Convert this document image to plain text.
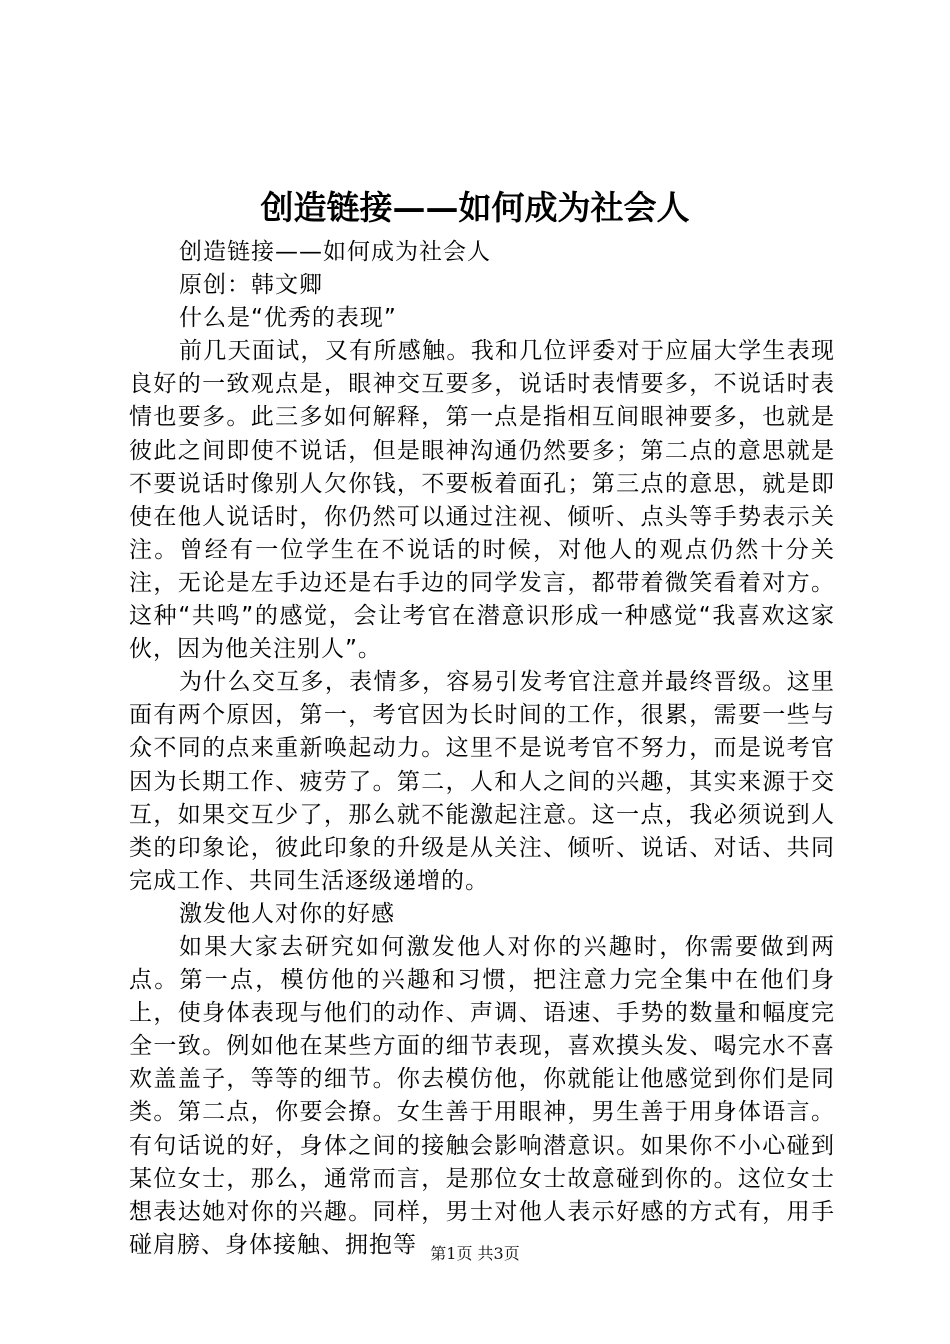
创造链接——如何成为社会人

创造链接——如何成为社会人

原创：韩文卿

什么是“优秀的表现”

前几天面试，又有所感触。我和几位评委对于应届大学生表现良好的一致观点是，眼神交互要多，说话时表情要多，不说话时表情也要多。此三多如何解释，第一点是指相互间眼神要多，也就是彼此之间即使不说话，但是眼神沟通仍然要多；第二点的意思就是不要说话时像别人欠你钱，不要板着面孔；第三点的意思，就是即使在他人说话时，你仍然可以通过注视、倾听、点头等手势表示关注。曾经有一位学生在不说话的时候，对他人的观点仍然十分关注，无论是左手边还是右手边的同学发言，都带着微笑看着对方。这种“共鸣”的感觉，会让考官在潜意识形成一种感觉“我喜欢这家伙，因为他关注别人”。

为什么交互多，表情多，容易引发考官注意并最终晋级。这里面有两个原因，第一，考官因为长时间的工作，很累，需要一些与众不同的点来重新唤起动力。这里不是说考官不努力，而是说考官因为长期工作、疲劳了。第二，人和人之间的兴趣，其实来源于交互，如果交互少了，那么就不能激起注意。这一点，我必须说到人类的印象论，彼此印象的升级是从关注、倾听、说话、对话、共同完成工作、共同生活逐级递增的。

激发他人对你的好感

如果大家去研究如何激发他人对你的兴趣时，你需要做到两点。第一点，模仿他的兴趣和习惯，把注意力完全集中在他们身上，使身体表现与他们的动作、声调、语速、手势的数量和幅度完全一致。例如他在某些方面的细节表现，喜欢摸头发、喝完水不喜欢盖盖子，等等的细节。你去模仿他，你就能让他感觉到你们是同类。第二点，你要会撩。女生善于用眼神，男生善于用身体语言。有句话说的好，身体之间的接触会影响潜意识。如果你不小心碰到某位女士，那么，通常而言，是那位女士故意碰到你的。这位女士想表达她对你的兴趣。同样，男士对他人表示好感的方式有，用手碰肩膀、身体接触、拥抱等 第1页 共3页
